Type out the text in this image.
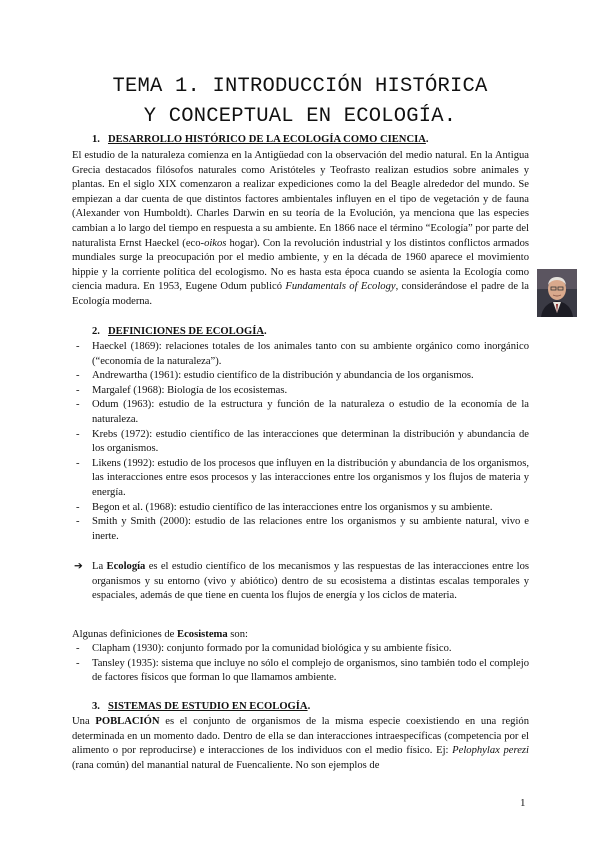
TEMA 1. INTRODUCCIÓN HISTÓRICA
Y CONCEPTUAL EN ECOLOGÍA.
1. DESARROLLO HISTÓRICO DE LA ECOLOGÍA COMO CIENCIA.
El estudio de la naturaleza comienza en la Antigüedad con la observación del medio natural. En la Antigua Grecia destacados filósofos naturales como Aristóteles y Teofrasto realizan estudios sobre animales y plantas. En el siglo XIX comenzaron a realizar expediciones como la del Beagle alrededor del mundo. Se empiezan a dar cuenta de que distintos factores ambientales influyen en el tipo de vegetación y de fauna (Alexander von Humboldt). Charles Darwin en su teoría de la Evolución, ya menciona que las especies cambian a lo largo del tiempo en respuesta a su ambiente. En 1866 nace el término “Ecología” por parte del naturalista Ernst Haeckel (eco-oikos hogar). Con la revolución industrial y los distintos conflictos armados mundiales surge la preocupación por el medio ambiente, y en la década de 1960 aparece el movimiento hippie y la corriente política del ecologismo. No es hasta esta época cuando se asienta la Ecología como ciencia madura. En 1953, Eugene Odum publicó Fundamentals of Ecology, considerándose el padre de la Ecología moderna.
2. DEFINICIONES DE ECOLOGÍA.
- Haeckel (1869): relaciones totales de los animales tanto con su ambiente orgánico como inorgánico (“economía de la naturaleza”).
- Andrewartha (1961): estudio científico de la distribución y abundancia de los organismos.
- Margalef (1968): Biología de los ecosistemas.
- Odum (1963): estudio de la estructura y función de la naturaleza o estudio de la economía de la naturaleza.
- Krebs (1972): estudio científico de las interacciones que determinan la distribución y abundancia de los organismos.
- Likens (1992): estudio de los procesos que influyen en la distribución y abundancia de los organismos, las interacciones entre esos procesos y las interacciones entre los organismos y los flujos de materia y energía.
- Begon et al. (1968): estudio científico de las interacciones entre los organismos y su ambiente.
- Smith y Smith (2000): estudio de las relaciones entre los organismos y su ambiente natural, vivo e inerte.
➔ La Ecología es el estudio científico de los mecanismos y las respuestas de las interacciones entre los organismos y su entorno (vivo y abiótico) dentro de su ecosistema a distintas escalas temporales y espaciales, además de que tiene en cuenta los flujos de energía y los ciclos de materia.
Algunas definiciones de Ecosistema son:
- Clapham (1930): conjunto formado por la comunidad biológica y su ambiente físico.
- Tansley (1935): sistema que incluye no sólo el complejo de organismos, sino también todo el complejo de factores físicos que forman lo que llamamos ambiente.
3. SISTEMAS DE ESTUDIO EN ECOLOGÍA.
Una POBLACIÓN es el conjunto de organismos de la misma especie coexistiendo en una región determinada en un momento dado. Dentro de ella se dan interacciones intraespecíficas (competencia por el alimento o por reproducirse) e interacciones de los individuos con el medio físico. Ej: Pelophylax perezi (rana común) del manantial natural de Fuencaliente. No son ejemplos de
1
